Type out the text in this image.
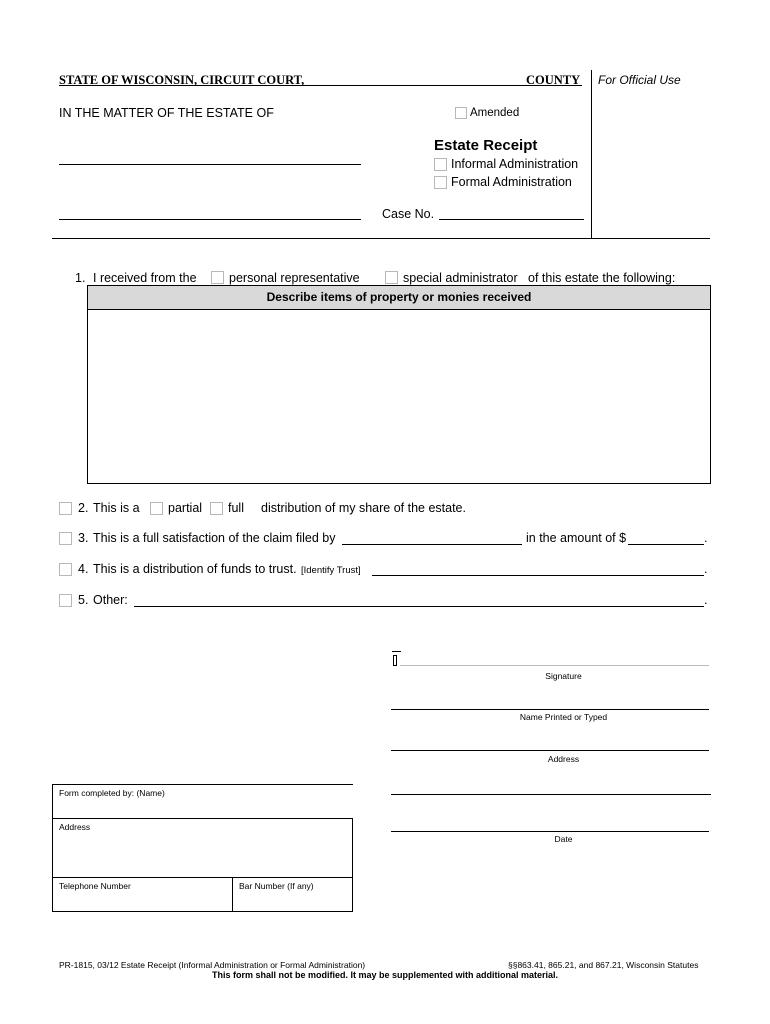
STATE OF WISCONSIN, CIRCUIT COURT,	COUNTY For Official Use
IN THE MATTER OF THE ESTATE OF	Amended
Estate Receipt
Informal Administration
Formal Administration
Case No.
1. I received from the	personal representative	special administrator of this estate the following:
Describe items of property or monies received
2. This is a partial full distribution of my share of the estate.
3. This is a full satisfaction of the claim filed by	in the amount of $	.
4. This is a distribution of funds to trust. [Identify Trust]	.
5. Other:	.
Signature
Name Printed or Typed
Address
Date
Form completed by: (Name)
Address
Telephone Number	Bar Number (If any)
PR-1815, 03/12 Estate Receipt (Informal Administration or Formal Administration)	§§863.41, 865.21, and 867.21, Wisconsin Statutes
This form shall not be modified. It may be supplemented with additional material.
